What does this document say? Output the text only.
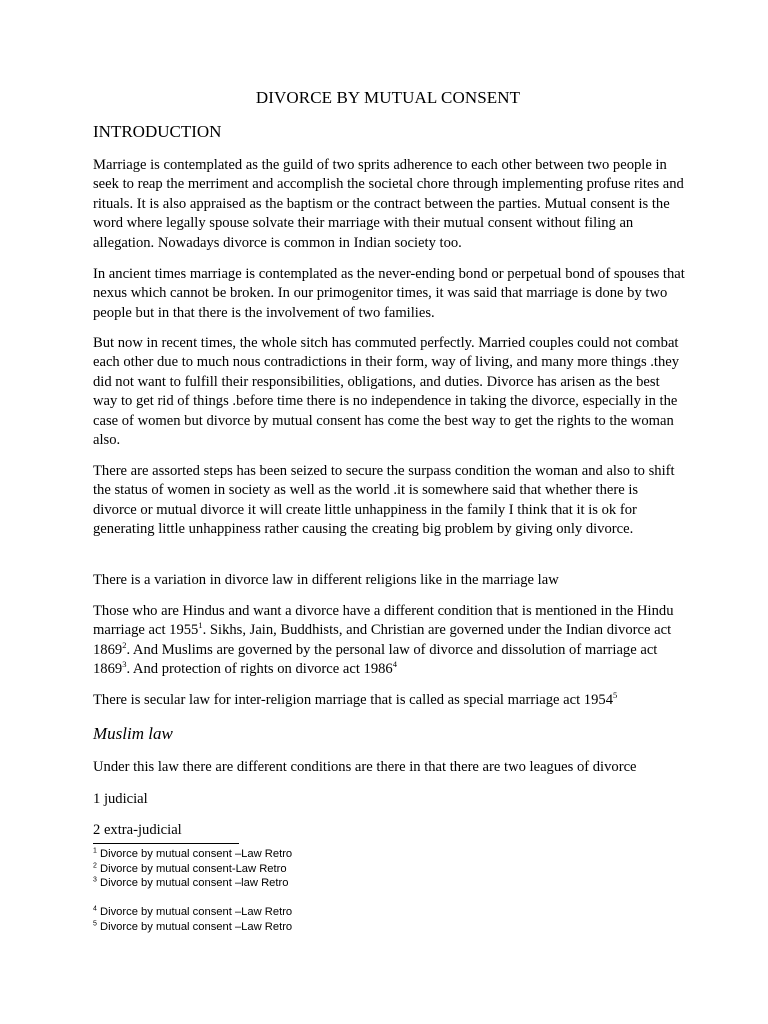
DIVORCE BY MUTUAL CONSENT
INTRODUCTION

Marriage is contemplated as the guild of two sprits adherence to each other between two people in seek to reap the merriment and accomplish the societal chore through implementing profuse rites and rituals. It is also appraised as the baptism or the contract between the parties. Mutual consent is the word where legally spouse solvate their marriage with their mutual consent without filing an allegation. Nowadays divorce is common in Indian society too.

In ancient times marriage is contemplated as the never-ending bond or perpetual bond of spouses that nexus which cannot be broken. In our primogenitor times, it was said that marriage is done by two people but in that there is the involvement of two families.

But now in recent times, the whole sitch has commuted perfectly. Married couples could not combat each other due to much nous contradictions in their form, way of living, and many more things .they did not want to fulfill their responsibilities, obligations, and duties. Divorce has arisen as the best way to get rid of things .before time there is no independence in taking the divorce, especially in the case of women but divorce by mutual consent has come the best way to get the rights to the woman also.

There are assorted steps has been seized to secure the surpass condition the woman and also to shift the status of women in society as well as the world .it is somewhere said that whether there is divorce or mutual divorce it will create little unhappiness in the family I think that it is ok for generating little unhappiness rather causing the creating big problem by giving only divorce.

There is a variation in divorce law in different religions like in the marriage law

Those who are Hindus and want a divorce have a different condition that is mentioned in the Hindu marriage act 1955$^1$. Sikhs, Jain, Buddhists, and Christian are governed under the Indian divorce act 1869$^2$. And Muslims are governed by the personal law of divorce and dissolution of marriage act 1869$^3$. And protection of rights on divorce act 1986$^4$

There is secular law for inter-religion marriage that is called as special marriage act 1954$^5$

Muslim law

Under this law there are different conditions are there in that there are two leagues of divorce

1 judicial

2 extra-judicial

$^1$ Divorce by mutual consent –Law Retro

$^2$ Divorce by mutual consent-Law Retro

$^3$ Divorce by mutual consent –law Retro

$^4$ Divorce by mutual consent –Law Retro

$^5$ Divorce by mutual consent –Law Retro
